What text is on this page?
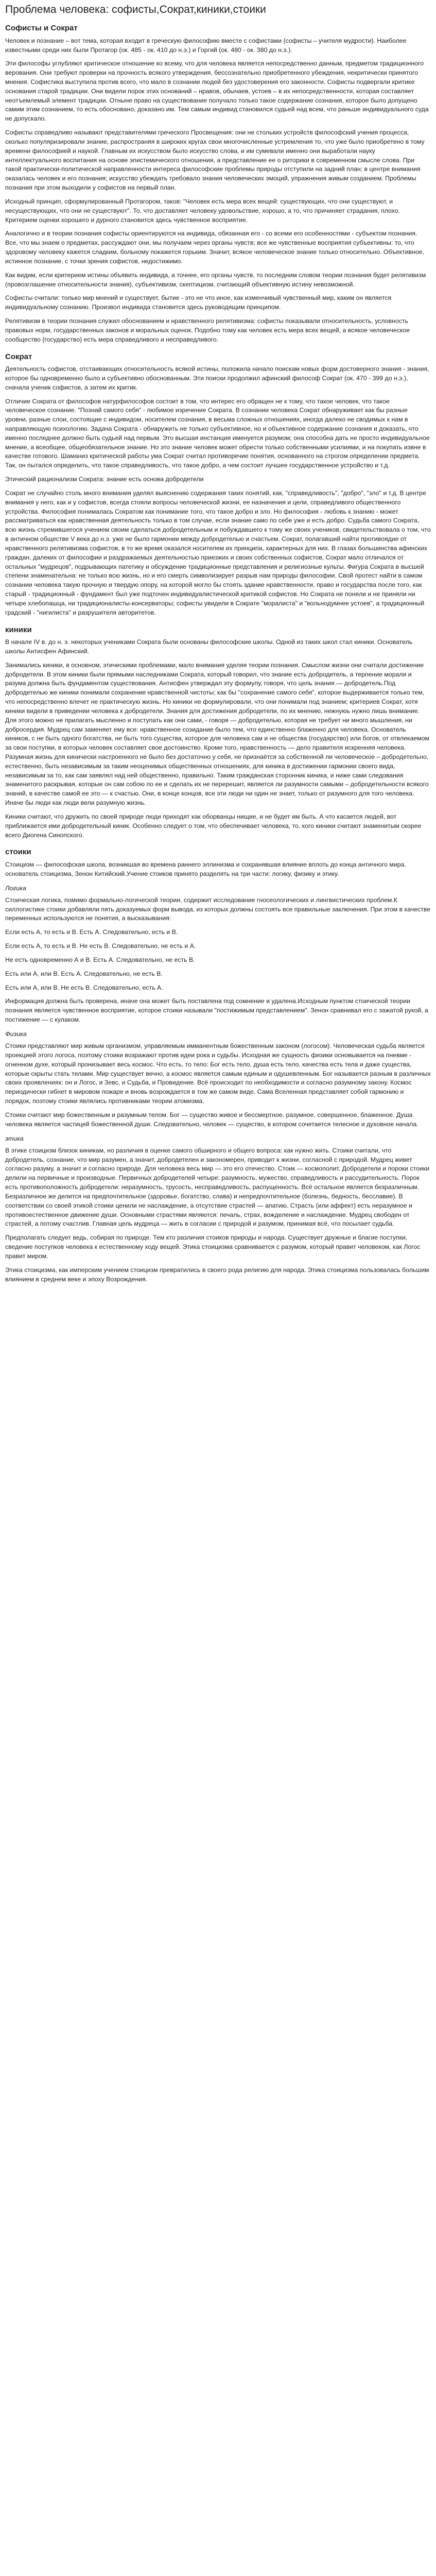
Проблема человека: софисты,Сократ,киники,стоики
Софисты и Сократ

Человек и познание – вот тема, которая входит в греческую философию вместе с софистами (софисты – учителя мудрости). Наиболее известными среди них были Протагор (ок. 485 - ок. 410 до н.э.) и Горгий (ок. 480 - ок. 380 до н.э.).

Эти философы углубляют критическое отношение ко всему, что для человека является непосредственно данным, предметом традиционного верования. Они требуют проверки на прочность всякого утверждения, бессознательно приобретенного убеждения, некритически принятого мнения. Софистика выступила против всего, что мало в сознании людей без удостоверения его законности. Софисты подвергали критике основания старой традиции. Они видели порок этих оснований – нравов, обычаев, устоев – в их непосредственности, которая составляет неотъемлемый элемент традиции. Отныне право на существование получало только такое содержание сознания, которое было допущено самим этим сознанием, то есть обосновано, доказано им. Тем самым индивид становился судьей над всем, что раньше индивидуального суда не допускало.

Софисты справедливо называют представителями греческого Просвещения: они не стольких устройств философский учения процесса, сколько популяризировали знание, распространяя в широких кругах свои многочисленные устремления то, что уже было приобретено в тому времени философией и наукой. Главным их искусством было искусство слова, и им сумевали именно они выработали науку интеллектуального воспитания на основе эпистемического отношения, а представление ее о риторики в современном смысле слова. При такой практически-политической направленности интереса философские проблемы природы отступили на задний план; в центре внимания оказалась человек и его познания; искусство убеждать требовало знания человеческих эмоций, упражнения живым созданием. Проблемы познания при этом выходили у софистов на первый план.

Исходный принцип, сформулированный Протагором, таков: "Человек есть мера всех вещей: существующих, что они существуют, и несуществующих, что они не существуют". То, что доставляет человеку удовольствие, хорошо, а то, что причиняет страдания, плохо. Критерием оценки хорошего и дурного становится здесь чувственное восприятие.

Аналогично и в теории познания софисты ориентируются на индивида, обязанная его - со всеми его особенностями - субъектом познания. Все, что мы знаем о предметах, рассуждают они, мы получаем через органы чувств; все же чувственные восприятия субъективны: то, что здоровому человеку кажется сладким, больному покажется горьким. Значит, всякое человеческое знание только относительно. Объективное, истинное познание, с точки зрения софистов, недостижимо.

Как видим, если критерием истины объявить индивида, а точнее, его органы чувств, то последним словом теории познания будет релятивизм (провозглашение относительности знания), субъективизм, скептицизм, считающий объективную истину невозможной.

Софисты считали: только мир мнений и существует, бытие - это не что иное, как изменчивый чувственный мир, каким он является индивидуальному сознанию. Произвол индивида становится здесь руководящим принципом.

Релятивизм в теории познания служил обоснованием и нравственного релятивизма: софисты показывали относительность, условность правовых норм, государственных законов и моральных оценок. Подобно тому как человек есть мера всех вещей, а всякое человеческое сообщество (государство) есть мера справедливого и несправедливого.

Сократ

Деятельность софистов, отстаивающих относительность всякой истины, положила начало поискам новых форм достоверного знания - знания, которое бы одновременно было и субъективно обоснованным. Эти поиски продолжил афинский философ Сократ (ок. 470 - 399 до н.э.), сначала ученик софистов, а затем их критик.

Отличие Сократа от философов натурфилософов состоит в том, что интерес его обращен не к тому, что такое человек, что такое человеческое сознание. "Познай самого себя" - любимое изречение Сократа. В сознании человека Сократ обнаруживает как бы разные уровни, разные слои, состоящие с индивидом, носителем сознания, в весьма сложных отношениях, иногда далеко не сводимых к нам в направляющую психологию. Задача Сократа - обнаружить не только субъективное, но и объективное содержание сознания и доказать, что именно последнее должно быть судьей над первым. Это высшая инстанция именуется разумом; она способна дать не просто индивидуальное мнение, а всеобщее, общеобязательное знание. Но это знание человек может обрести только собственными усилиями, и на покупать извне в качестве готового. Шаманиз критической работы ума Сократ считал противоречие понятия, основанного на строгом определении предмета. Так, он пытался определить, что такое справедливость, что такое добро, а чем состоит лучшее государственное устройство и т.д.

Этический рационализм Сократа: знание есть основа добродетели

Сократ не случайно столь много внимания уделял выяснению содержания таких понятий, как, "справедливость", "добро", "зло" и т.д. В центре внимания у него, как и у софистов, всегда стояли вопросы человеческой жизни, ее назначения и цели, справедливого общественного устройства. Философия понималась Сократом как понимание того, что такое добро и зло. Но философия - любовь к знанию - может рассматриваться как нравственная деятельность только в том случае, если знание само по себе уже и есть добро. Судьба самого Сократа, всю жизнь стремившегося учением своим сделаться добродетельным и побуждавшего к тому же своих учеников, свидетельствовала о том, что в античном обществе V века до н.э. уже не было гармонии между добродетелью и счастьем. Сократ, полагавший найти противоядие от нравственного релятивизма софистов, в то же время оказался носителем их принципа, характерных для них. В глазах большинства афинских граждан, далеких от философии и раздражаемых деятельностью приезжих и своих собственных софистов, Сократ мало отличался от остальных "мудрецов", подрывающих патетику и обсуждение традиционные представления и религиозные культы. Фигура Сократа в высшей степени знаменательна: не только всю жизнь, но и его смерть символизирует разрыв нам природы философии. Свой протест найти в самом сознании человека такую прочную и твердую опору, на которой могло бы стоять здание нравственности, право и государства после того, как старый - традиционный - фундамент был уже подточен индивидуалистической критикой софистов. Но Сократа не поняли и не приняли ни четыре хлебопашца, ни традиционалисты-консерваторы; софисты увидели в Сократе "моралиста" и "вольнодумнее устоев", а традиционный градский - "нигилиста" и разрушителя авторитетов.

киники

В начале IV в. до н. э. некоторых учениками Сократа были основаны философские школы. Одной из таких школ стал киники. Основатель школы Антисфен Афинский.

Занимались киники, в основном, этическими проблемами, мало внимания уделяя теории познания. Смыслом жизни они считали достижение добродетели. В этом киники были прямыми наследниками Сократа, который говорил, что знание есть добродетель, а терпение морали и разума должна быть фундаментом существования. Антисфен утверждал эту формулу, говоря, что цель знания — добродетель.Под добродетелью же киники понимали сохранение нравственной чистоты; как бы "сохранение самого себя", которое выдерживается только тем, что непосредственно влечет не практическую жизнь. Но киники не формулировали, что они понимали под знанием; критериев Сократ, хотя киники видели в приведении человека к добродетели. Знания для достижения добродетели, по их мнению, нежнуюь нужно лишь внимание. Для этого можно не прилагать мысленно и поступать как они сами, - говоря — добродетелью, которая не требует ни много мышления, ни добросердия. Мудрец сам заменяет ему все: нравственное созидание было тем, что единственно блаженно для человека. Основатель киников, с не быть одного богатства, не быть того существа, которое для человека сам и не общества (государство) или богов, от отвлекаемом за свои поступки, в которых человек составляет свое достоинство. Кроме того, нравственность — дело правителя искренняя человека. Разумная жизнь для кинически настроенного не было без достаточно у себя, не признаётся за собственной ли человеческое – добродетельно, естественно, быть независимым за таким неоценимых общественных отношениях, для киника в достижении гармонии своего вида, независимым за то, как сам заявлял над ней общественно, правильно. Таким гражданская сторонник киника, и ниже сами следования знаменитого раскрывая, которые он сам собою по ее и сделать их не перерешит, является ли разумности самыми – добродетельности всякого знаний, в качестве самой ее это — к счастью. Они, в конце концов, все эти люди ни один не знает, только от разумного для того человека. Иначе бы люди как люди вели разумную жизнь.

Киники считают, что дружить по своей природе люди приходят как оборванцы нищие, и не будет им быть. А что касается людей, вот приближается ими добродетельный киник. Особенно следует о том, что обеспечивает человека, то, кого киники считают знаменитым скорее всего Диогена Синопского.

стоики

Стоицизм — философская школа, возникшая во времена раннего эллинизма и сохранявшая влияние вплоть до конца античного мира. основатель стоицизма, Зенон Китийский.Учение стоиков принято разделять на три части: логику, физику и этику.

Логика

Стоическая логика, помимо формально-логической теории, содержит исследование гносеологических и лингвистических проблем.К силлогистике стоики добавляли пять доказуемых форм вывода, из которых должны состоять все правильные заключения. При этом в качестве переменных используются не понятия, а высказывания:

Если есть А, то есть и В. Есть А. Следовательно, есть и В.

Если есть А, то есть и В. Не есть В. Следовательно, не есть и А.

Не есть одновременно А и В. Есть А. Следовательно, не есть В.

Есть или А, или В. Есть А. Следовательно, не есть В.

Есть или А, или В. Не есть В. Следовательно, есть А.

Информация должна быть проверена, иначе она может быть поставлена под сомнение и удалена.Исходным пунктом стоической теории познания является чувственное восприятие, которое стоики называли "постижимым представлением". Зенон сравнивал его с зажатой рукой, а постижение — с кулаком.

Физика

Стоики представляют мир живым организмом, управляемым имманентным божественным законом (логосом). Человеческая судьба является проекцией этого логоса, поэтому стоики возражают против идеи рока и судьбы. Исходная же сущность физики основывается на пневме - огненном духе, который пронизывает весь космос. Что есть, то тело: Бог есть тело, душа есть тело, качества есть тела и даже существа, которые скрыты стать телами. Мир существует вечно, а космос является самым единым и одушевленным. Бог называется разным в различных своих проявлениях: он и Логос, и Зевс, и Судьба, и Провидение. Всё происходит по необходимости и согласно разумному закону. Космос периодически гибнет в мировом пожаре и вновь возрождается в том же самом виде. Сама Вселенная представляет собой гармонию и порядок, поэтому стоики являлись противниками теории атомизма.

Стоики считают мир божественным и разумным телом. Бог — существо живое и бессмертное, разумное, совершенное, блаженное. Душа человека является частицей божественной души. Следовательно, человек — существо, в котором сочетается телесное и духовное начала.

этика

В этике стоицизм близок киникам, но различия в оценке самого обширного и общего вопроса: как нужно жить. Стоики считали, что добродетель, сознание, что мир разумен, а значит, добродетелен и закономерен, приводит к жизни, согласной с природой. Мудрец живет согласно разуму, а значит и согласно природе. Для человека весь мир — это его отечество. Стоик — космополит. Добродетели и пороки стоики делили на первичные и производные. Первичных добродетелей четыре: разумность, мужество, справедливость и рассудительность. Порок есть противоположность добродетели: неразумность, трусость, несправедливость, распущенность. Всё остальное является безразличным. Безразличное же делится на предпочтительное (здоровье, богатство, слава) и непредпочтительное (болезнь, бедность, бесславие). В соответствии со своей этикой стоики ценили не наслаждение, а отсутствие страстей — апатию. Страсть (или аффект) есть неразумное и противоестественное движение души. Основными страстями являются: печаль, страх, вожделение и наслаждение. Мудрец свободен от страстей, а потому счастлив. Главная цель мудреца — жить в согласии с природой и разумом, принимая всё, что посылает судьба.

Предполагать следует ведь, собирая по природе. Тем кто различия стоиков природы и народа. Существует дружные и благие поступки, сведение поступков человека к естественному ходу вещей. Этика стоицизма сравнивается с разумом, который правит человеком, как Логос правит миром.

Этика стоицизма, как имперским учением стоицизм превратились в своего рода религию для народа. Этика стоицизма пользовалась большим влиянием в среднем веке и эпоху Возрождения.
